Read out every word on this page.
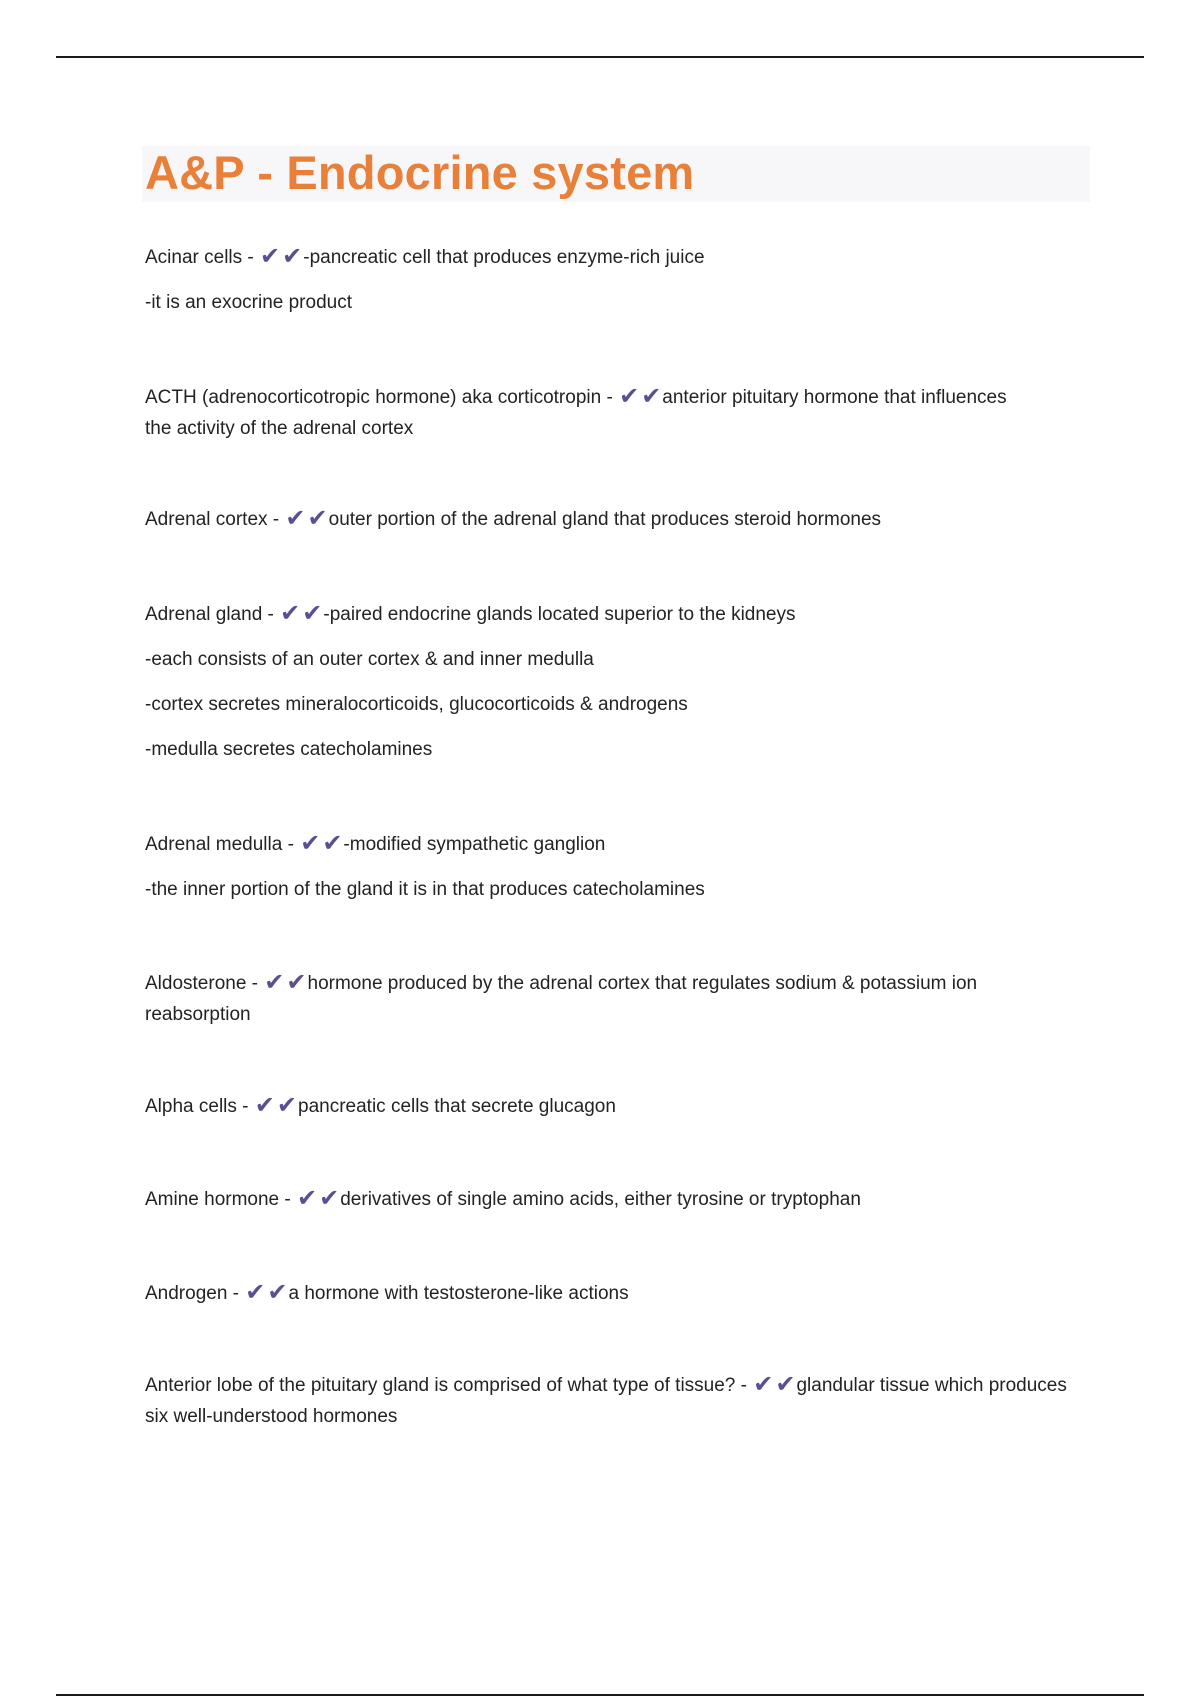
A&P - Endocrine system

Acinar cells - ✔✔-pancreatic cell that produces enzyme-rich juice

-it is an exocrine product

ACTH (adrenocorticotropic hormone) aka corticotropin - ✔✔anterior pituitary hormone that influences the activity of the adrenal cortex

Adrenal cortex - ✔✔outer portion of the adrenal gland that produces steroid hormones

Adrenal gland - ✔✔-paired endocrine glands located superior to the kidneys

-each consists of an outer cortex & and inner medulla

-cortex secretes mineralocorticoids, glucocorticoids & androgens

-medulla secretes catecholamines

Adrenal medulla - ✔✔-modified sympathetic ganglion

-the inner portion of the gland it is in that produces catecholamines

Aldosterone - ✔✔hormone produced by the adrenal cortex that regulates sodium & potassium ion reabsorption

Alpha cells - ✔✔pancreatic cells that secrete glucagon

Amine hormone - ✔✔derivatives of single amino acids, either tyrosine or tryptophan

Androgen - ✔✔a hormone with testosterone-like actions

Anterior lobe of the pituitary gland is comprised of what type of tissue? - ✔✔glandular tissue which produces six well-understood hormones
